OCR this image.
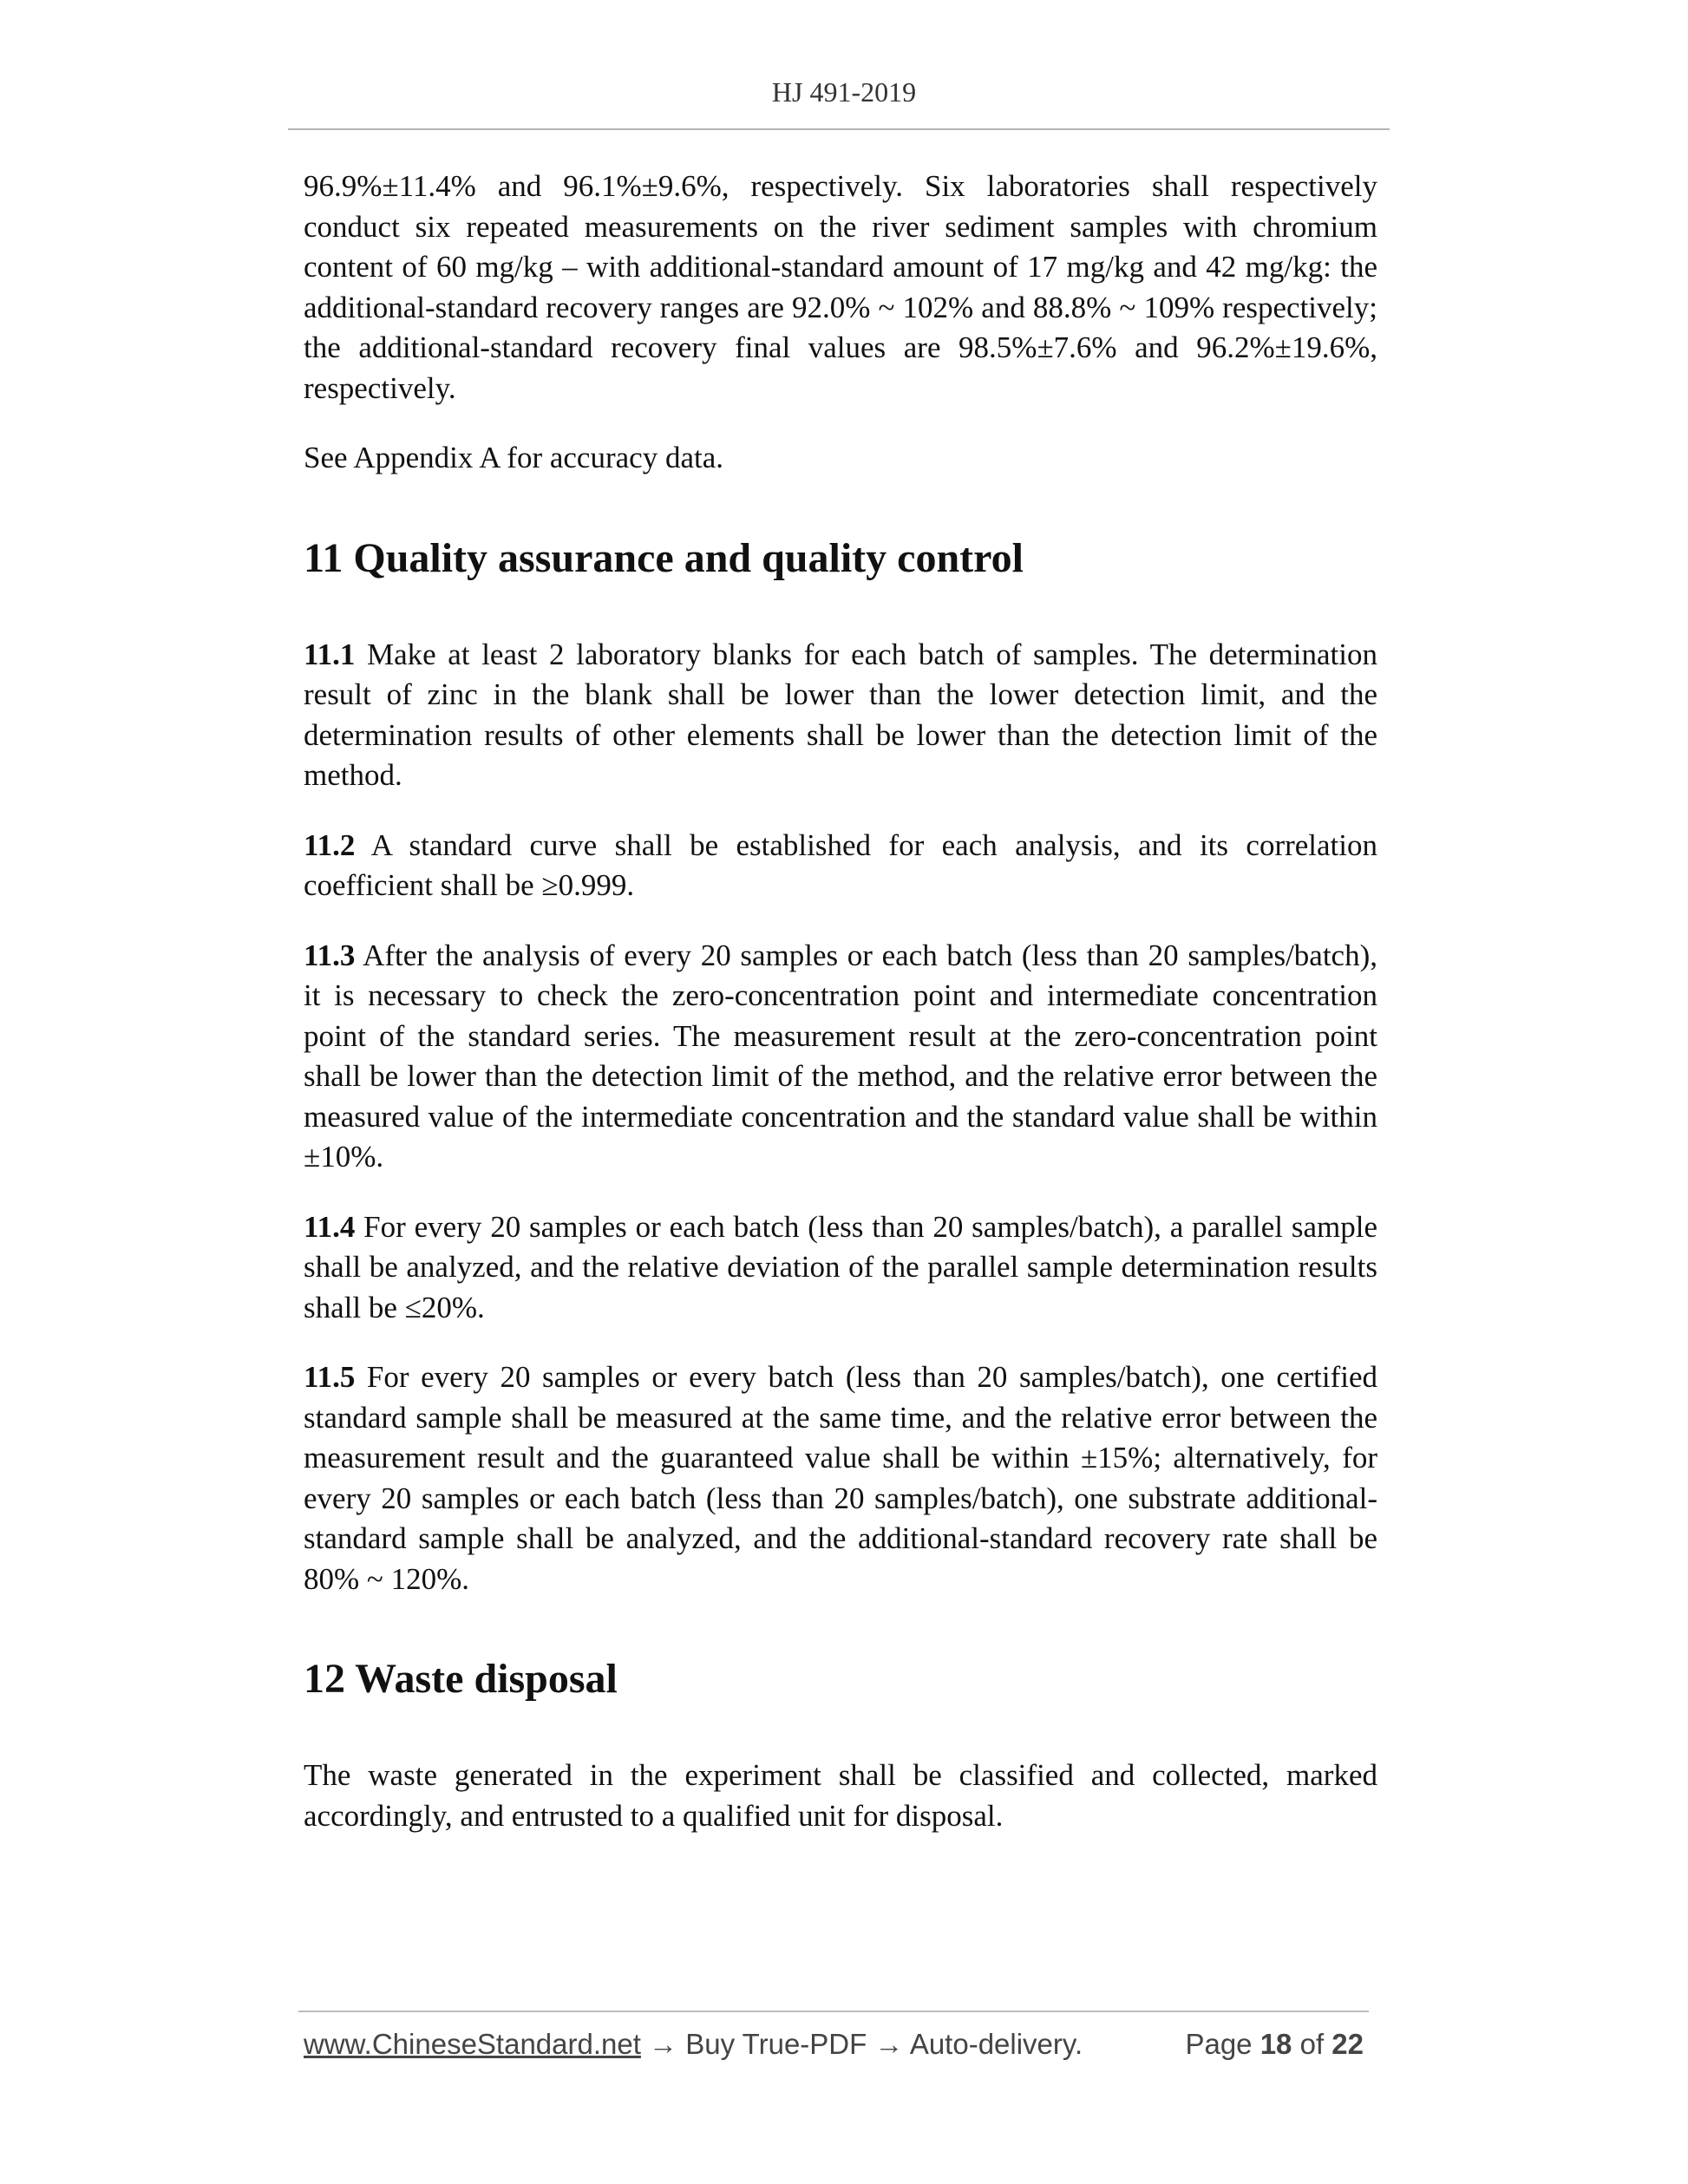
HJ 491-2019

96.9%±11.4% and 96.1%±9.6%, respectively. Six laboratories shall respectively conduct six repeated measurements on the river sediment samples with chromium content of 60 mg/kg – with additional-standard amount of 17 mg/kg and 42 mg/kg: the additional-standard recovery ranges are 92.0% ~ 102% and 88.8% ~ 109% respectively; the additional-standard recovery final values are 98.5%±7.6% and 96.2%±19.6%, respectively.

See Appendix A for accuracy data.

11 Quality assurance and quality control

11.1 Make at least 2 laboratory blanks for each batch of samples. The determination result of zinc in the blank shall be lower than the lower detection limit, and the determination results of other elements shall be lower than the detection limit of the method.

11.2 A standard curve shall be established for each analysis, and its correlation coefficient shall be ≥0.999.

11.3 After the analysis of every 20 samples or each batch (less than 20 samples/batch), it is necessary to check the zero-concentration point and intermediate concentration point of the standard series. The measurement result at the zero-concentration point shall be lower than the detection limit of the method, and the relative error between the measured value of the intermediate concentration and the standard value shall be within ±10%.

11.4 For every 20 samples or each batch (less than 20 samples/batch), a parallel sample shall be analyzed, and the relative deviation of the parallel sample determination results shall be ≤20%.

11.5 For every 20 samples or every batch (less than 20 samples/batch), one certified standard sample shall be measured at the same time, and the relative error between the measurement result and the guaranteed value shall be within ±15%; alternatively, for every 20 samples or each batch (less than 20 samples/batch), one substrate additional-standard sample shall be analyzed, and the additional-standard recovery rate shall be 80% ~ 120%.

12 Waste disposal

The waste generated in the experiment shall be classified and collected, marked accordingly, and entrusted to a qualified unit for disposal.

www.ChineseStandard.net → Buy True-PDF → Auto-delivery.	Page 18 of 22
